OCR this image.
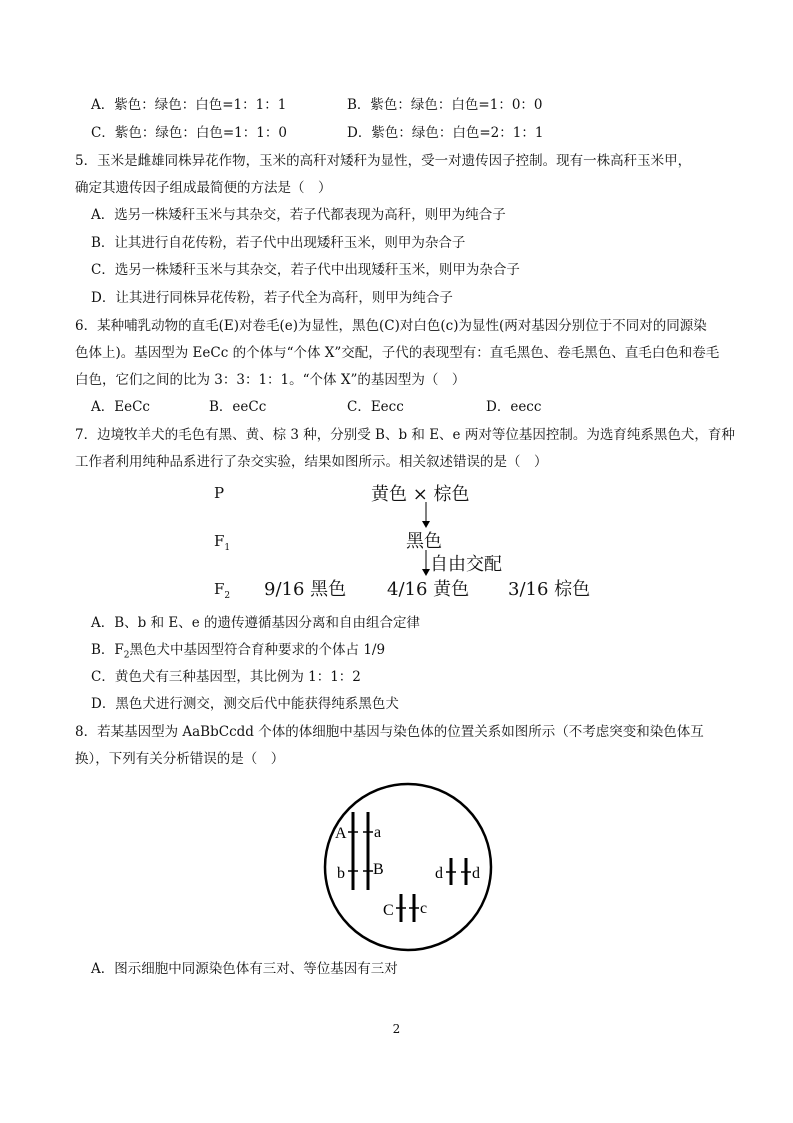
A．紫色：绿色：白色=1：1：1	B．紫色：绿色：白色=1：0：0
C．紫色：绿色：白色=1：1：0	D．紫色：绿色：白色=2：1：1
5．玉米是雌雄同株异花作物，玉米的高秆对矮秆为显性，受一对遗传因子控制。现有一株高秆玉米甲，
确定其遗传因子组成最简便的方法是（　）
A．选另一株矮秆玉米与其杂交，若子代都表现为高秆，则甲为纯合子
B．让其进行自花传粉，若子代中出现矮秆玉米，则甲为杂合子
C．选另一株矮秆玉米与其杂交，若子代中出现矮秆玉米，则甲为杂合子
D．让其进行同株异花传粉，若子代全为高秆，则甲为纯合子
6．某种哺乳动物的直毛(E)对卷毛(e)为显性，黑色(C)对白色(c)为显性(两对基因分别位于不同对的同源染
色体上)。基因型为 EeCc 的个体与“个体 X”交配，子代的表现型有：直毛黑色、卷毛黑色、直毛白色和卷毛
白色，它们之间的比为 3：3：1：1。“个体 X”的基因型为（　）
A．EeCc	B．eeCc	C．Eecc	D．eecc
7．边境牧羊犬的毛色有黑、黄、棕 3 种，分别受 B、b 和 E、e 两对等位基因控制。为选育纯系黑色犬，育种
工作者利用纯种品系进行了杂交实验，结果如图所示。相关叙述错误的是（　）
P
$F_1$
$F_2$
黄色 × 棕色
黑色
自由交配
9/16 黑色 4/16 黄色 3/16 棕色
A．B、b 和 E、e 的遗传遵循基因分离和自由组合定律
B．$F_2$黑色犬中基因型符合育种要求的个体占 1/9
C．黄色犬有三种基因型，其比例为 1：1：2
D．黑色犬进行测交，测交后代中能获得纯系黑色犬
8．若某基因型为 AaBbCcdd 个体的体细胞中基因与染色体的位置关系如图所示（不考虑突变和染色体互
换），下列有关分析错误的是（　）
A a
b B	d d
C c
A．图示细胞中同源染色体有三对、等位基因有三对
2
